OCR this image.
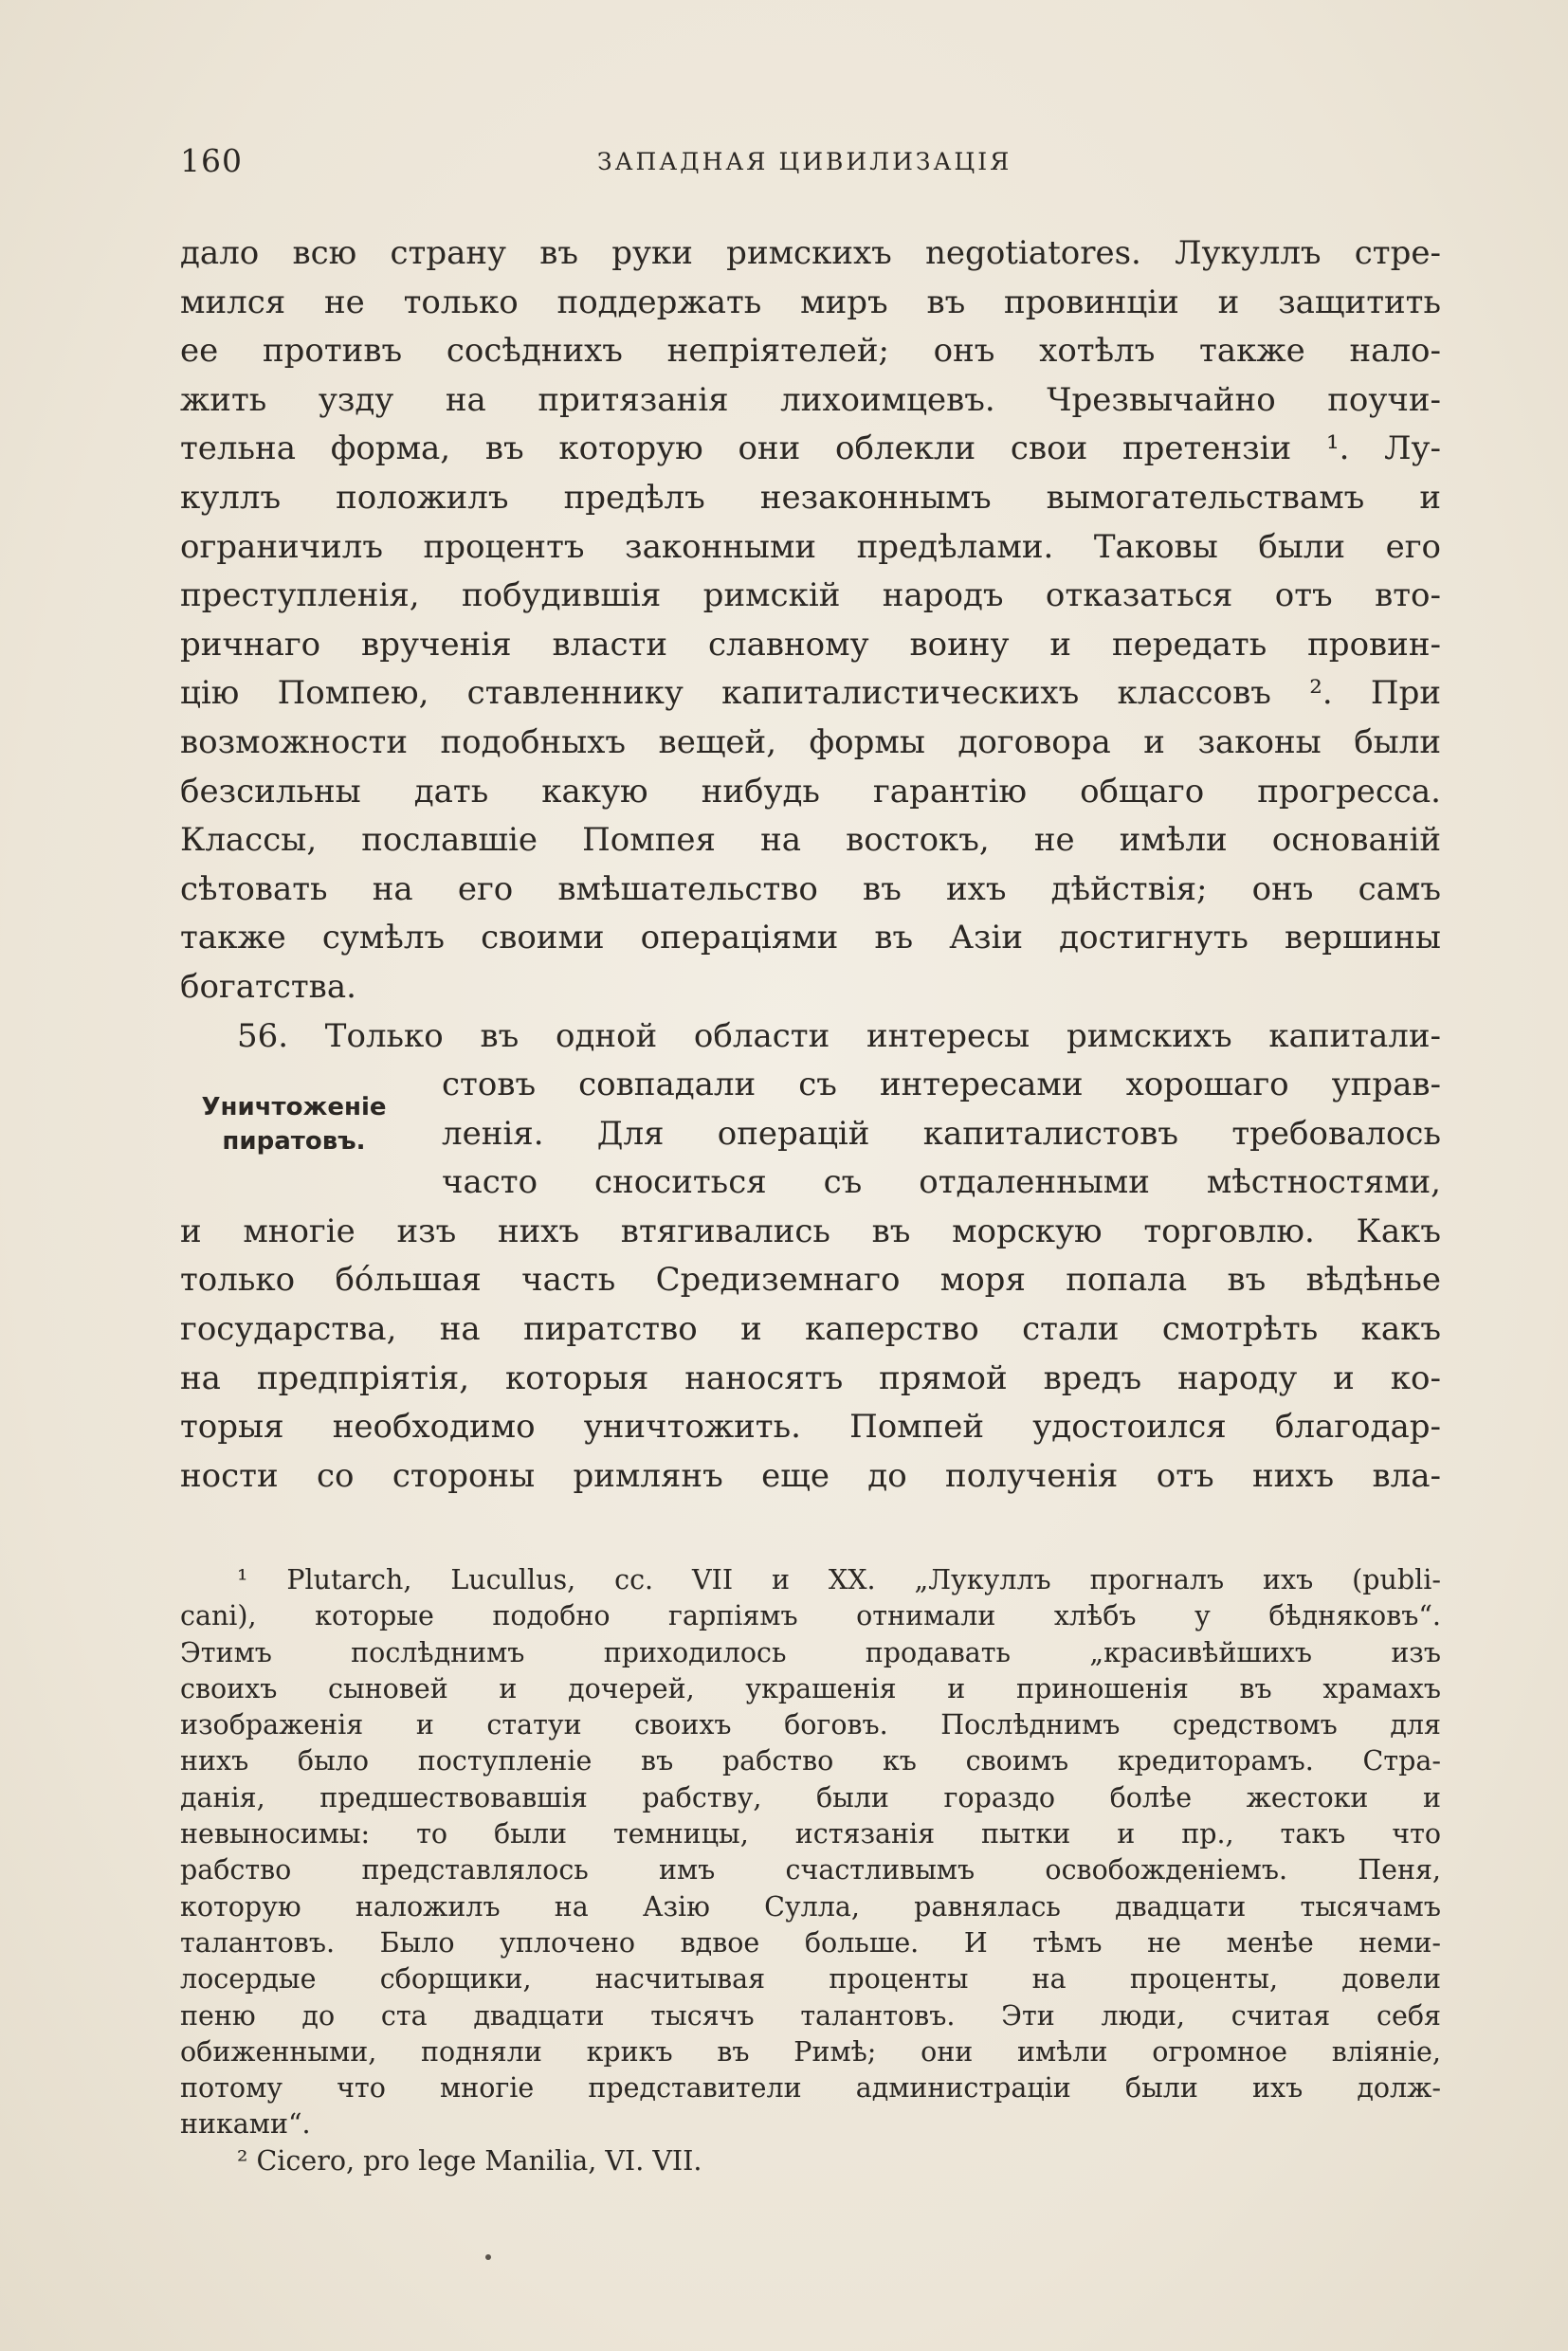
160	ЗАПАДНАЯ ЦИВИЛИЗАЦІЯ
дало всю страну въ руки римскихъ negotiatores. Лукуллъ стре-
мился не только поддержать миръ въ провинціи и защитить
ее противъ сосѣднихъ непріятелей; онъ хотѣлъ также нало-
жить узду на притязанія лихоимцевъ. Чрезвычайно поучи-
тельна форма, въ которую они облекли свои претензіи ¹. Лу-
куллъ положилъ предѣлъ незаконнымъ вымогательствамъ и
ограничилъ процентъ законными предѣлами. Таковы были его
преступленія, побудившія римскій народъ отказаться отъ вто-
ричнаго врученія власти славному воину и передать провин-
цію Помпею, ставленнику капиталистическихъ классовъ ². При
возможности подобныхъ вещей, формы договора и законы были
безсильны дать какую нибудь гарантію общаго прогресса.
Классы, пославшіе Помпея на востокъ, не имѣли основаній
сѣтовать на его вмѣшательство въ ихъ дѣйствія; онъ самъ
также сумѣлъ своими операціями въ Азіи достигнуть вершины
богатства.
56. Только въ одной области интересы римскихъ капитали-
стовъ совпадали съ интересами хорошаго управ-
ленія. Для операцій капиталистовъ требовалось
часто сноситься съ отдаленными мѣстностями,
и многіе изъ нихъ втягивались въ морскую торговлю. Какъ
только бóльшая часть Средиземнаго моря попала въ вѣдѣнье
государства, на пиратство и каперство стали смотрѣть какъ
на предпріятія, которыя наносятъ прямой вредъ народу и ко-
торыя необходимо уничтожить. Помпей удостоился благодар-
ности со стороны римлянъ еще до полученія отъ нихъ вла-
Уничтоженіе
пиратовъ.
¹ Plutarch, Lucullus, cc. VII и XX. „Лукуллъ прогналъ ихъ (publi-
cani), которые подобно гарпіямъ отнимали хлѣбъ у бѣдняковъ“.
Этимъ послѣднимъ приходилось продавать „красивѣйшихъ изъ
своихъ сыновей и дочерей, украшенія и приношенія въ храмахъ
изображенія и статуи своихъ боговъ. Послѣднимъ средствомъ для
нихъ было поступленіе въ рабство къ своимъ кредиторамъ. Стра-
данія, предшествовавшія рабству, были гораздо болѣе жестоки и
невыносимы: то были темницы, истязанія пытки и пр., такъ что
рабство представлялось имъ счастливымъ освобожденіемъ. Пеня,
которую наложилъ на Азію Сулла, равнялась двадцати тысячамъ
талантовъ. Было уплочено вдвое больше. И тѣмъ не менѣе неми-
лосердые сборщики, насчитывая проценты на проценты, довели
пеню до ста двадцати тысячъ талантовъ. Эти люди, считая себя
обиженными, подняли крикъ въ Римѣ; они имѣли огромное вліяніе,
потому что многіе представители администраціи были ихъ долж-
никами“.
² Cicero, pro lege Manilia, VI. VII.
